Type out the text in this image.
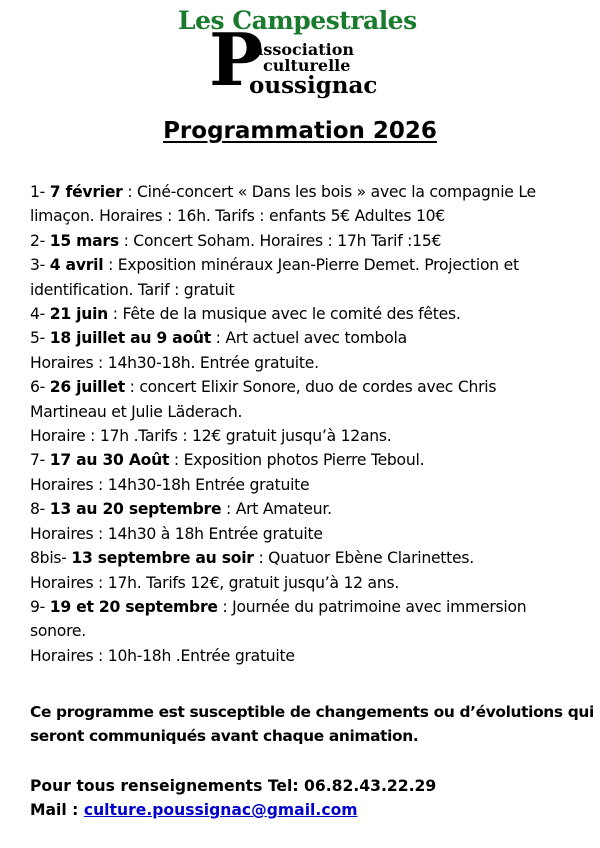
Les Campestrales
P
association
culturelle
oussignac
Programmation 2026
1- 7 février : Ciné-concert « Dans les bois » avec la compagnie Le
limaçon. Horaires : 16h. Tarifs : enfants 5€ Adultes 10€
2- 15 mars : Concert Soham. Horaires : 17h Tarif :15€
3- 4 avril : Exposition minéraux Jean-Pierre Demet. Projection et
identification. Tarif : gratuit
4- 21 juin : Fête de la musique avec le comité des fêtes.
5- 18 juillet au 9 août : Art actuel avec tombola
Horaires : 14h30-18h. Entrée gratuite.
6- 26 juillet : concert Elixir Sonore, duo de cordes avec Chris
Martineau et Julie Läderach.
Horaire : 17h .Tarifs : 12€ gratuit jusqu’à 12ans.
7- 17 au 30 Août : Exposition photos Pierre Teboul.
Horaires : 14h30-18h Entrée gratuite
8- 13 au 20 septembre : Art Amateur.
Horaires : 14h30 à 18h Entrée gratuite
8bis- 13 septembre au soir : Quatuor Ebène Clarinettes.
Horaires : 17h. Tarifs 12€, gratuit jusqu’à 12 ans.
9- 19 et 20 septembre : Journée du patrimoine avec immersion
sonore.
Horaires : 10h-18h .Entrée gratuite
Ce programme est susceptible de changements ou d’évolutions qui
seront communiqués avant chaque animation.
Pour tous renseignements Tel: 06.82.43.22.29
Mail : culture.poussignac@gmail.com
